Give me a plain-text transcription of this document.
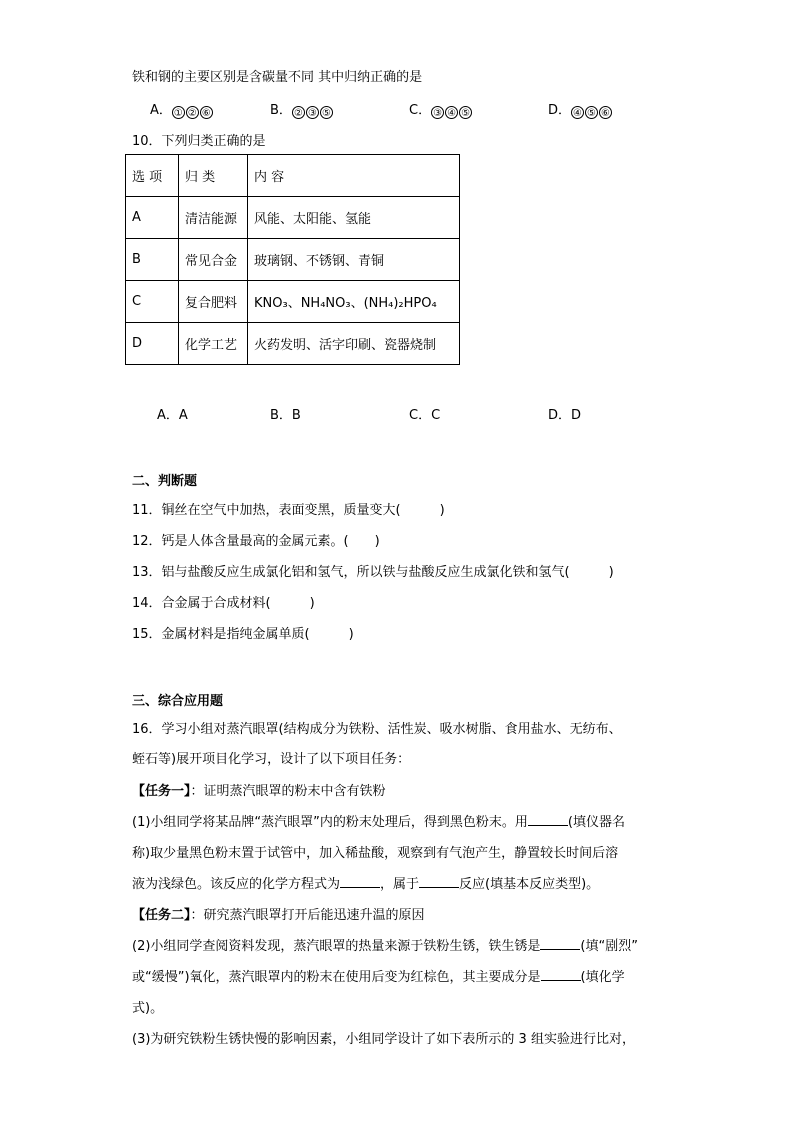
铁和钢的主要区别是含碳量不同 其中归纳正确的是
A． ① ② ⑥	B． ② ③ ⑤	C． ③ ④ ⑤	D． ④ ⑤ ⑥
10．下列归类正确的是
选 项	归 类	内 容
A	清洁能源	风能、太阳能、氢能
B	常见合金	玻璃钢、不锈钢、青铜
C	复合肥料	KNO₃、NH₄NO₃、(NH₄)₂HPO₄
D	化学工艺	火药发明、活字印刷、瓷器烧制
A．A	B．B	C．C	D．D
二、判断题
11．铜丝在空气中加热，表面变黑，质量变大(　　　)
12．钙是人体含量最高的金属元素。(　　)
13．铝与盐酸反应生成氯化铝和氢气，所以铁与盐酸反应生成氯化铁和氢气(　　　)
14．合金属于合成材料(　　　)
15．金属材料是指纯金属单质(　　　)
三、综合应用题
16．学习小组对蒸汽眼罩(结构成分为铁粉、活性炭、吸水树脂、食用盐水、无纺布、
蛭石等)展开项目化学习，设计了以下项目任务：
【任务一】：证明蒸汽眼罩的粉末中含有铁粉
(1)小组同学将某品牌“蒸汽眼罩”内的粉末处理后，得到黑色粉末。用	(填仪器名
称)取少量黑色粉末置于试管中，加入稀盐酸，观察到有气泡产生，静置较长时间后溶
液为浅绿色。该反应的化学方程式为	，属于	反应(填基本反应类型)。
【任务二】：研究蒸汽眼罩打开后能迅速升温的原因
(2)小组同学查阅资料发现，蒸汽眼罩的热量来源于铁粉生锈，铁生锈是	(填“剧烈”
或“缓慢”)氧化，蒸汽眼罩内的粉末在使用后变为红棕色，其主要成分是	(填化学
式)。
(3)为研究铁粉生锈快慢的影响因素，小组同学设计了如下表所示的 3 组实验进行比对，
